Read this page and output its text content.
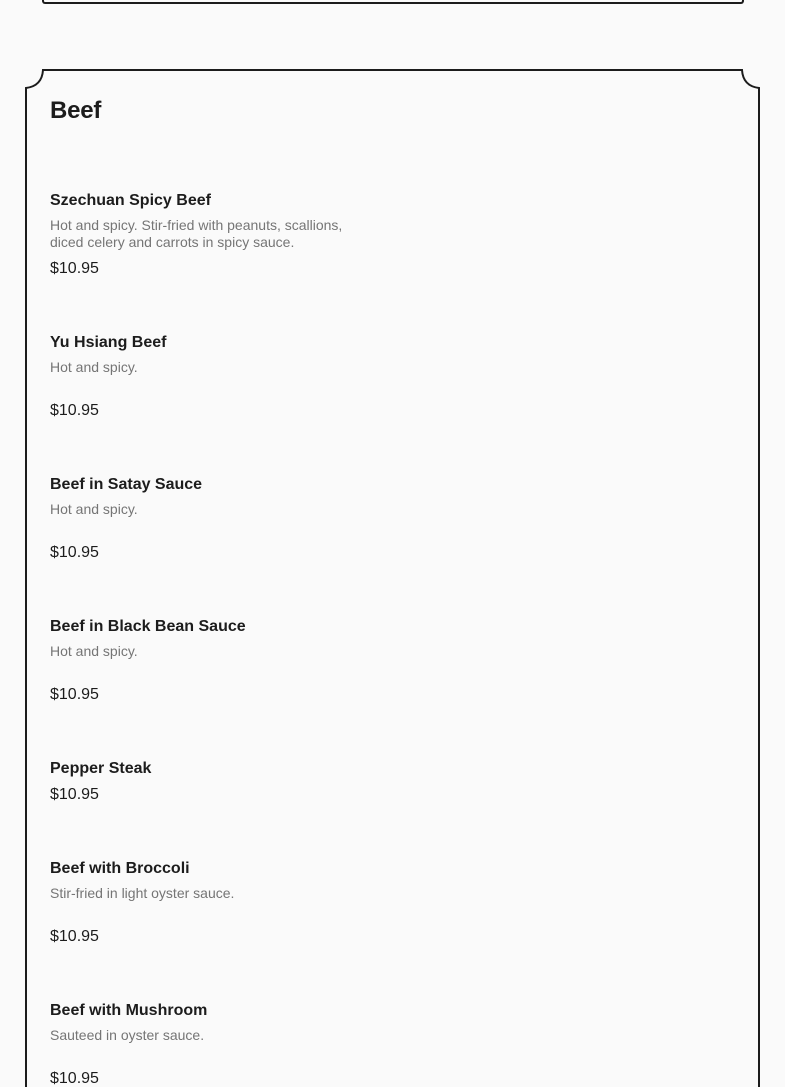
Beef

Szechuan Spicy Beef

Hot and spicy. Stir-fried with peanuts, scallions, diced celery and carrots in spicy sauce.

$10.95

Yu Hsiang Beef

Hot and spicy.

$10.95

Beef in Satay Sauce

Hot and spicy.

$10.95

Beef in Black Bean Sauce

Hot and spicy.

$10.95

Pepper Steak

$10.95

Beef with Broccoli

Stir-fried in light oyster sauce.

$10.95

Beef with Mushroom

Sauteed in oyster sauce.

$10.95
